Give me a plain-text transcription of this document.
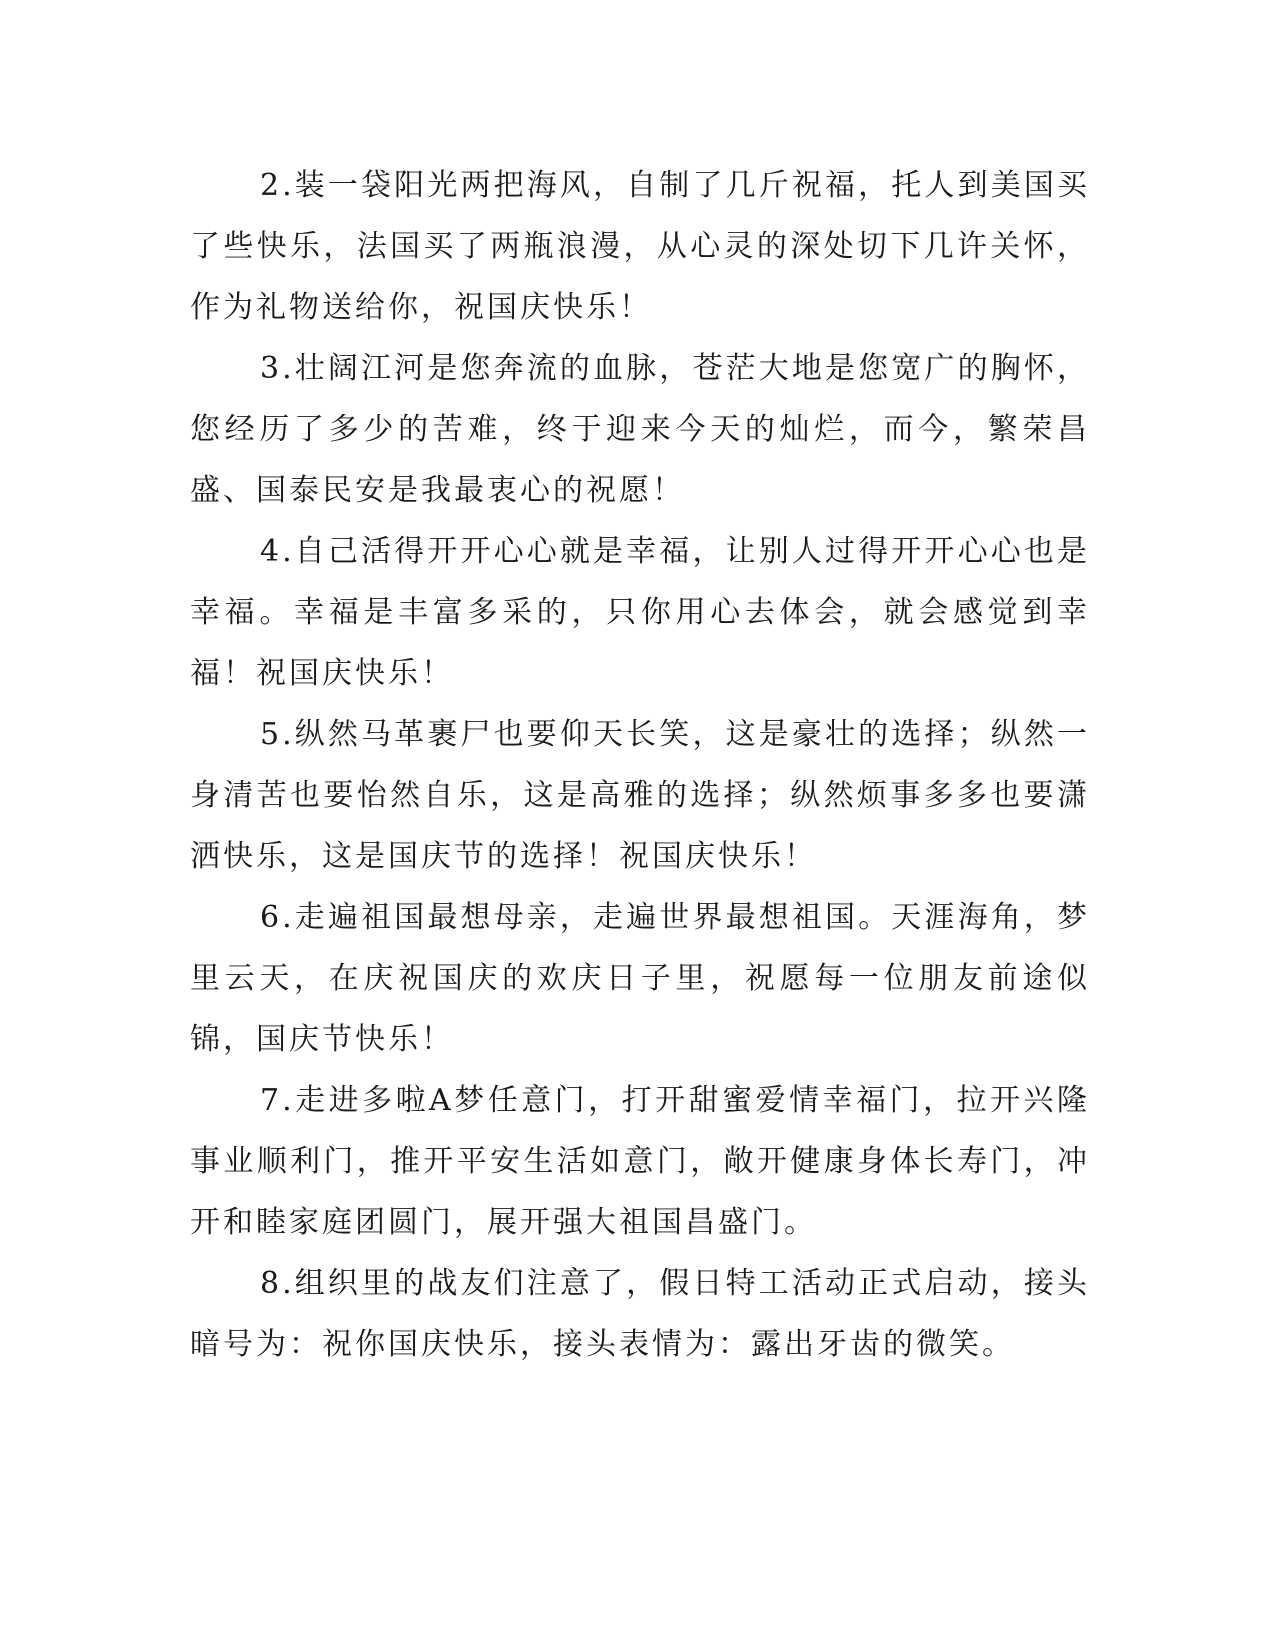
2.装一袋阳光两把海风，自制了几斤祝福，托人到美国买了些快乐，法国买了两瓶浪漫，从心灵的深处切下几许关怀，作为礼物送给你，祝国庆快乐！

3.壮阔江河是您奔流的血脉，苍茫大地是您宽广的胸怀，您经历了多少的苦难，终于迎来今天的灿烂，而今，繁荣昌盛、国泰民安是我最衷心的祝愿！

4.自己活得开开心心就是幸福，让别人过得开开心心也是幸福。幸福是丰富多采的，只你用心去体会，就会感觉到幸福！祝国庆快乐！

5.纵然马革裹尸也要仰天长笑，这是豪壮的选择；纵然一身清苦也要怡然自乐，这是高雅的选择；纵然烦事多多也要潇洒快乐，这是国庆节的选择！祝国庆快乐！

6.走遍祖国最想母亲，走遍世界最想祖国。天涯海角，梦里云天，在庆祝国庆的欢庆日子里，祝愿每一位朋友前途似锦，国庆节快乐！

7.走进多啦A梦任意门，打开甜蜜爱情幸福门，拉开兴隆事业顺利门，推开平安生活如意门，敞开健康身体长寿门，冲开和睦家庭团圆门，展开强大祖国昌盛门。

8.组织里的战友们注意了，假日特工活动正式启动，接头暗号为：祝你国庆快乐，接头表情为：露出牙齿的微笑。
